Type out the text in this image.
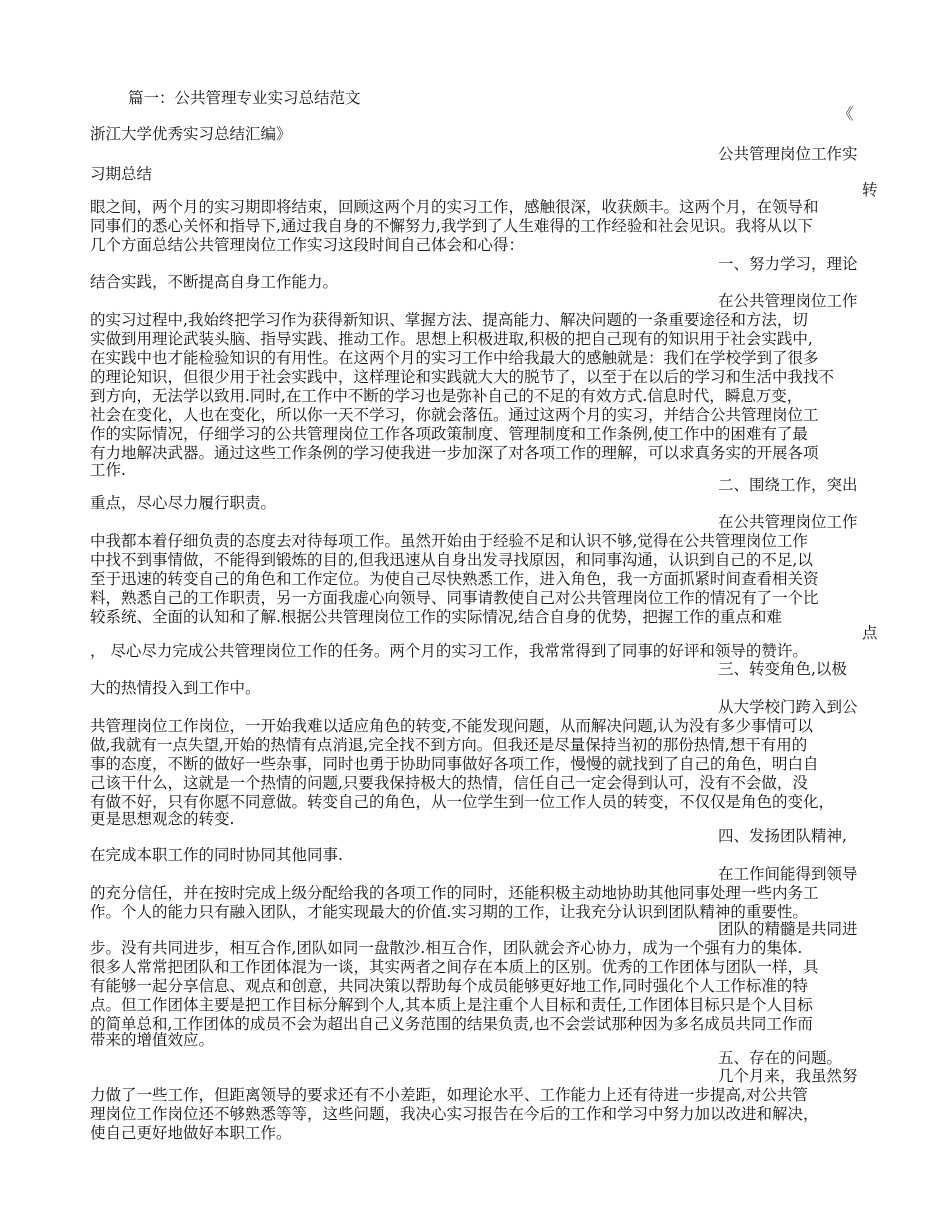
篇一：公共管理专业实习总结范文
《
浙江大学优秀实习总结汇编》
公共管理岗位工作实
习期总结
转
眼之间，两个月的实习期即将结束，回顾这两个月的实习工作，感触很深，收获颇丰。这两个月，在领导和
同事们的悉心关怀和指导下,通过我自身的不懈努力,我学到了人生难得的工作经验和社会见识。我将从以下
几个方面总结公共管理岗位工作实习这段时间自己体会和心得：
一、努力学习，理论
结合实践，不断提高自身工作能力。
在公共管理岗位工作
的实习过程中,我始终把学习作为获得新知识、掌握方法、提高能力、解决问题的一条重要途径和方法，切
实做到用理论武装头脑、指导实践、推动工作。思想上积极进取,积极的把自己现有的知识用于社会实践中,
在实践中也才能检验知识的有用性。在这两个月的实习工作中给我最大的感触就是：我们在学校学到了很多
的理论知识，但很少用于社会实践中，这样理论和实践就大大的脱节了，以至于在以后的学习和生活中我找不
到方向，无法学以致用.同时,在工作中不断的学习也是弥补自己的不足的有效方式.信息时代，瞬息万变，
社会在变化，人也在变化，所以你一天不学习，你就会落伍。通过这两个月的实习，并结合公共管理岗位工
作的实际情况，仔细学习的公共管理岗位工作各项政策制度、管理制度和工作条例,使工作中的困难有了最
有力地解决武器。通过这些工作条例的学习使我进一步加深了对各项工作的理解，可以求真务实的开展各项
工作.
二、围绕工作，突出
重点，尽心尽力履行职责。
在公共管理岗位工作
中我都本着仔细负责的态度去对待每项工作。虽然开始由于经验不足和认识不够,觉得在公共管理岗位工作
中找不到事情做，不能得到锻炼的目的,但我迅速从自身出发寻找原因，和同事沟通，认识到自己的不足,以
至于迅速的转变自己的角色和工作定位。为使自己尽快熟悉工作，进入角色，我一方面抓紧时间查看相关资
料，熟悉自己的工作职责，另一方面我虚心向领导、同事请教使自己对公共管理岗位工作的情况有了一个比
较系统、全面的认知和了解.根据公共管理岗位工作的实际情况,结合自身的优势，把握工作的重点和难
点
， 尽心尽力完成公共管理岗位工作的任务。两个月的实习工作，我常常得到了同事的好评和领导的赞许。
三、转变角色,以极
大的热情投入到工作中。
从大学校门跨入到公
共管理岗位工作岗位，一开始我难以适应角色的转变,不能发现问题，从而解决问题,认为没有多少事情可以
做,我就有一点失望,开始的热情有点消退,完全找不到方向。但我还是尽量保持当初的那份热情,想干有用的
事的态度，不断的做好一些杂事，同时也勇于协助同事做好各项工作，慢慢的就找到了自己的角色，明白自
己该干什么，这就是一个热情的问题,只要我保持极大的热情，信任自己一定会得到认可，没有不会做，没
有做不好，只有你愿不同意做。转变自己的角色，从一位学生到一位工作人员的转变，不仅仅是角色的变化，
更是思想观念的转变.
四、发扬团队精神,
在完成本职工作的同时协同其他同事.
在工作间能得到领导
的充分信任，并在按时完成上级分配给我的各项工作的同时，还能积极主动地协助其他同事处理一些内务工
作。个人的能力只有融入团队，才能实现最大的价值.实习期的工作，让我充分认识到团队精神的重要性。
团队的精髓是共同进
步。没有共同进步，相互合作,团队如同一盘散沙.相互合作，团队就会齐心协力，成为一个强有力的集体.
很多人常常把团队和工作团体混为一谈，其实两者之间存在本质上的区别。优秀的工作团体与团队一样，具
有能够一起分享信息、观点和创意，共同决策以帮助每个成员能够更好地工作,同时强化个人工作标准的特
点。但工作团体主要是把工作目标分解到个人,其本质上是注重个人目标和责任,工作团体目标只是个人目标
的简单总和,工作团体的成员不会为超出自己义务范围的结果负责,也不会尝试那种因为多名成员共同工作而
带来的增值效应。
五、存在的问题。
几个月来，我虽然努
力做了一些工作，但距离领导的要求还有不小差距，如理论水平、工作能力上还有待进一步提高,对公共管
理岗位工作岗位还不够熟悉等等，这些问题，我决心实习报告在今后的工作和学习中努力加以改进和解决，
使自己更好地做好本职工作。
